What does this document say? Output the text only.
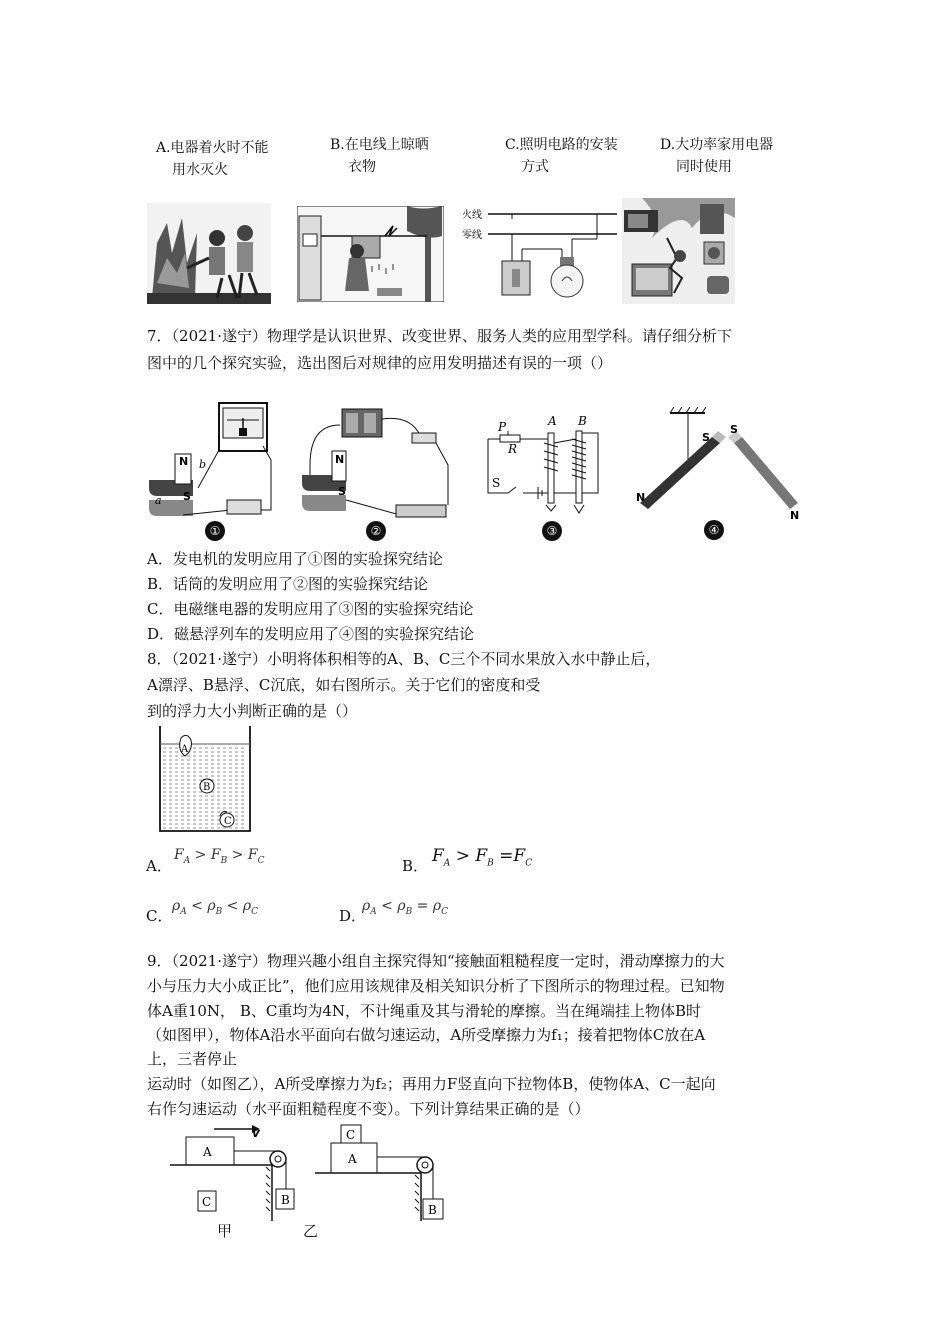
A.电器着火时不能
用水灭火
B.在电线上晾晒
衣物
C.照明电路的安装
方式
D.大功率家用电器
同时使用
火线
零线
7．（2021·遂宁）物理学是认识世界、改变世界、服务人类的应用型学科。请仔细分析下
图中的几个探究实验，选出图后对规律的应用发明描述有误的一项（）
N
S
a
b
①
N
S
②
P
R
A B
S
③
S
S
N
N
④
A．发电机的发明应用了①图的实验探究结论
B．话筒的发明应用了②图的实验探究结论
C．电磁继电器的发明应用了③图的实验探究结论
D．磁悬浮列车的发明应用了④图的实验探究结论
8．（2021·遂宁）小明将体积相等的A、B、C三个不同水果放入水中静止后，
A漂浮、B悬浮、C沉底，如右图所示。关于它们的密度和受
到的浮力大小判断正确的是（）
A
B
C
A．
$F_A > F_B > F_C$	B． $F_A > F_B =F_C$
C．
$\rho_A < \rho_B < \rho_C$	D．
$\rho_A < \rho_B = \rho_C$
9．（2021·遂宁）物理兴趣小组自主探究得知“接触面粗糙程度一定时，滑动摩擦力的大
小与压力大小成正比”，他们应用该规律及相关知识分析了下图所示的物理过程。已知物
体A重10N， B、C重均为4N，不计绳重及其与滑轮的摩擦。当在绳端挂上物体B时
（如图甲），物体A沿水平面向右做匀速运动，A所受摩擦力为f₁；接着把物体C放在A
上，三者停止
运动时（如图乙），A所受摩擦力为f₂；再用力F竖直向下拉物体B，使物体A、C一起向
右作匀速运动（水平面粗糙程度不变）。下列计算结果正确的是（）
v
A
B
C
C
A
B
甲	乙
